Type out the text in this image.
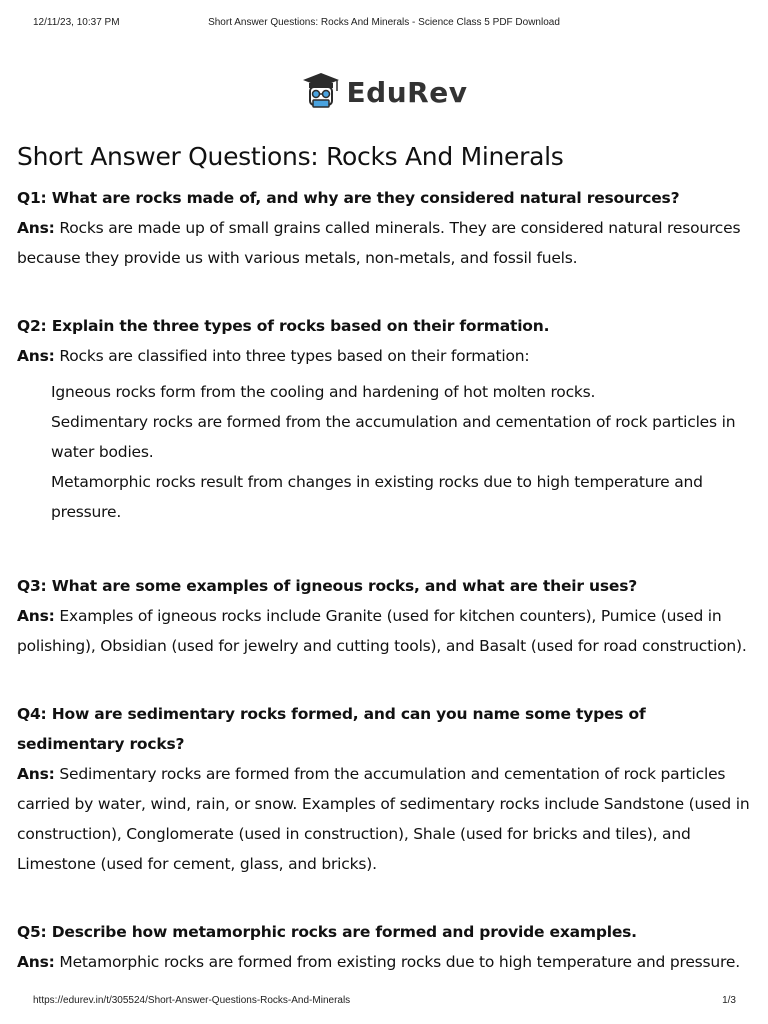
12/11/23, 10:37 PM	Short Answer Questions: Rocks And Minerals - Science Class 5 PDF Download
EduRev
Short Answer Questions: Rocks And Minerals

Q1: What are rocks made of, and why are they considered natural resources?

Ans: Rocks are made up of small grains called minerals. They are considered natural resources because they provide us with various metals, non-metals, and fossil fuels.

Q2: Explain the three types of rocks based on their formation.

Ans: Rocks are classified into three types based on their formation:

Igneous rocks form from the cooling and hardening of hot molten rocks.
Sedimentary rocks are formed from the accumulation and cementation of rock particles in water bodies.
Metamorphic rocks result from changes in existing rocks due to high temperature and pressure.

Q3: What are some examples of igneous rocks, and what are their uses?

Ans: Examples of igneous rocks include Granite (used for kitchen counters), Pumice (used in polishing), Obsidian (used for jewelry and cutting tools), and Basalt (used for road construction).

Q4: How are sedimentary rocks formed, and can you name some types of sedimentary rocks?

Ans: Sedimentary rocks are formed from the accumulation and cementation of rock particles carried by water, wind, rain, or snow. Examples of sedimentary rocks include Sandstone (used in construction), Conglomerate (used in construction), Shale (used for bricks and tiles), and Limestone (used for cement, glass, and bricks).

Q5: Describe how metamorphic rocks are formed and provide examples.

Ans: Metamorphic rocks are formed from existing rocks due to high temperature and pressure.

https://edurev.in/t/305524/Short-Answer-Questions-Rocks-And-Minerals	1/3
